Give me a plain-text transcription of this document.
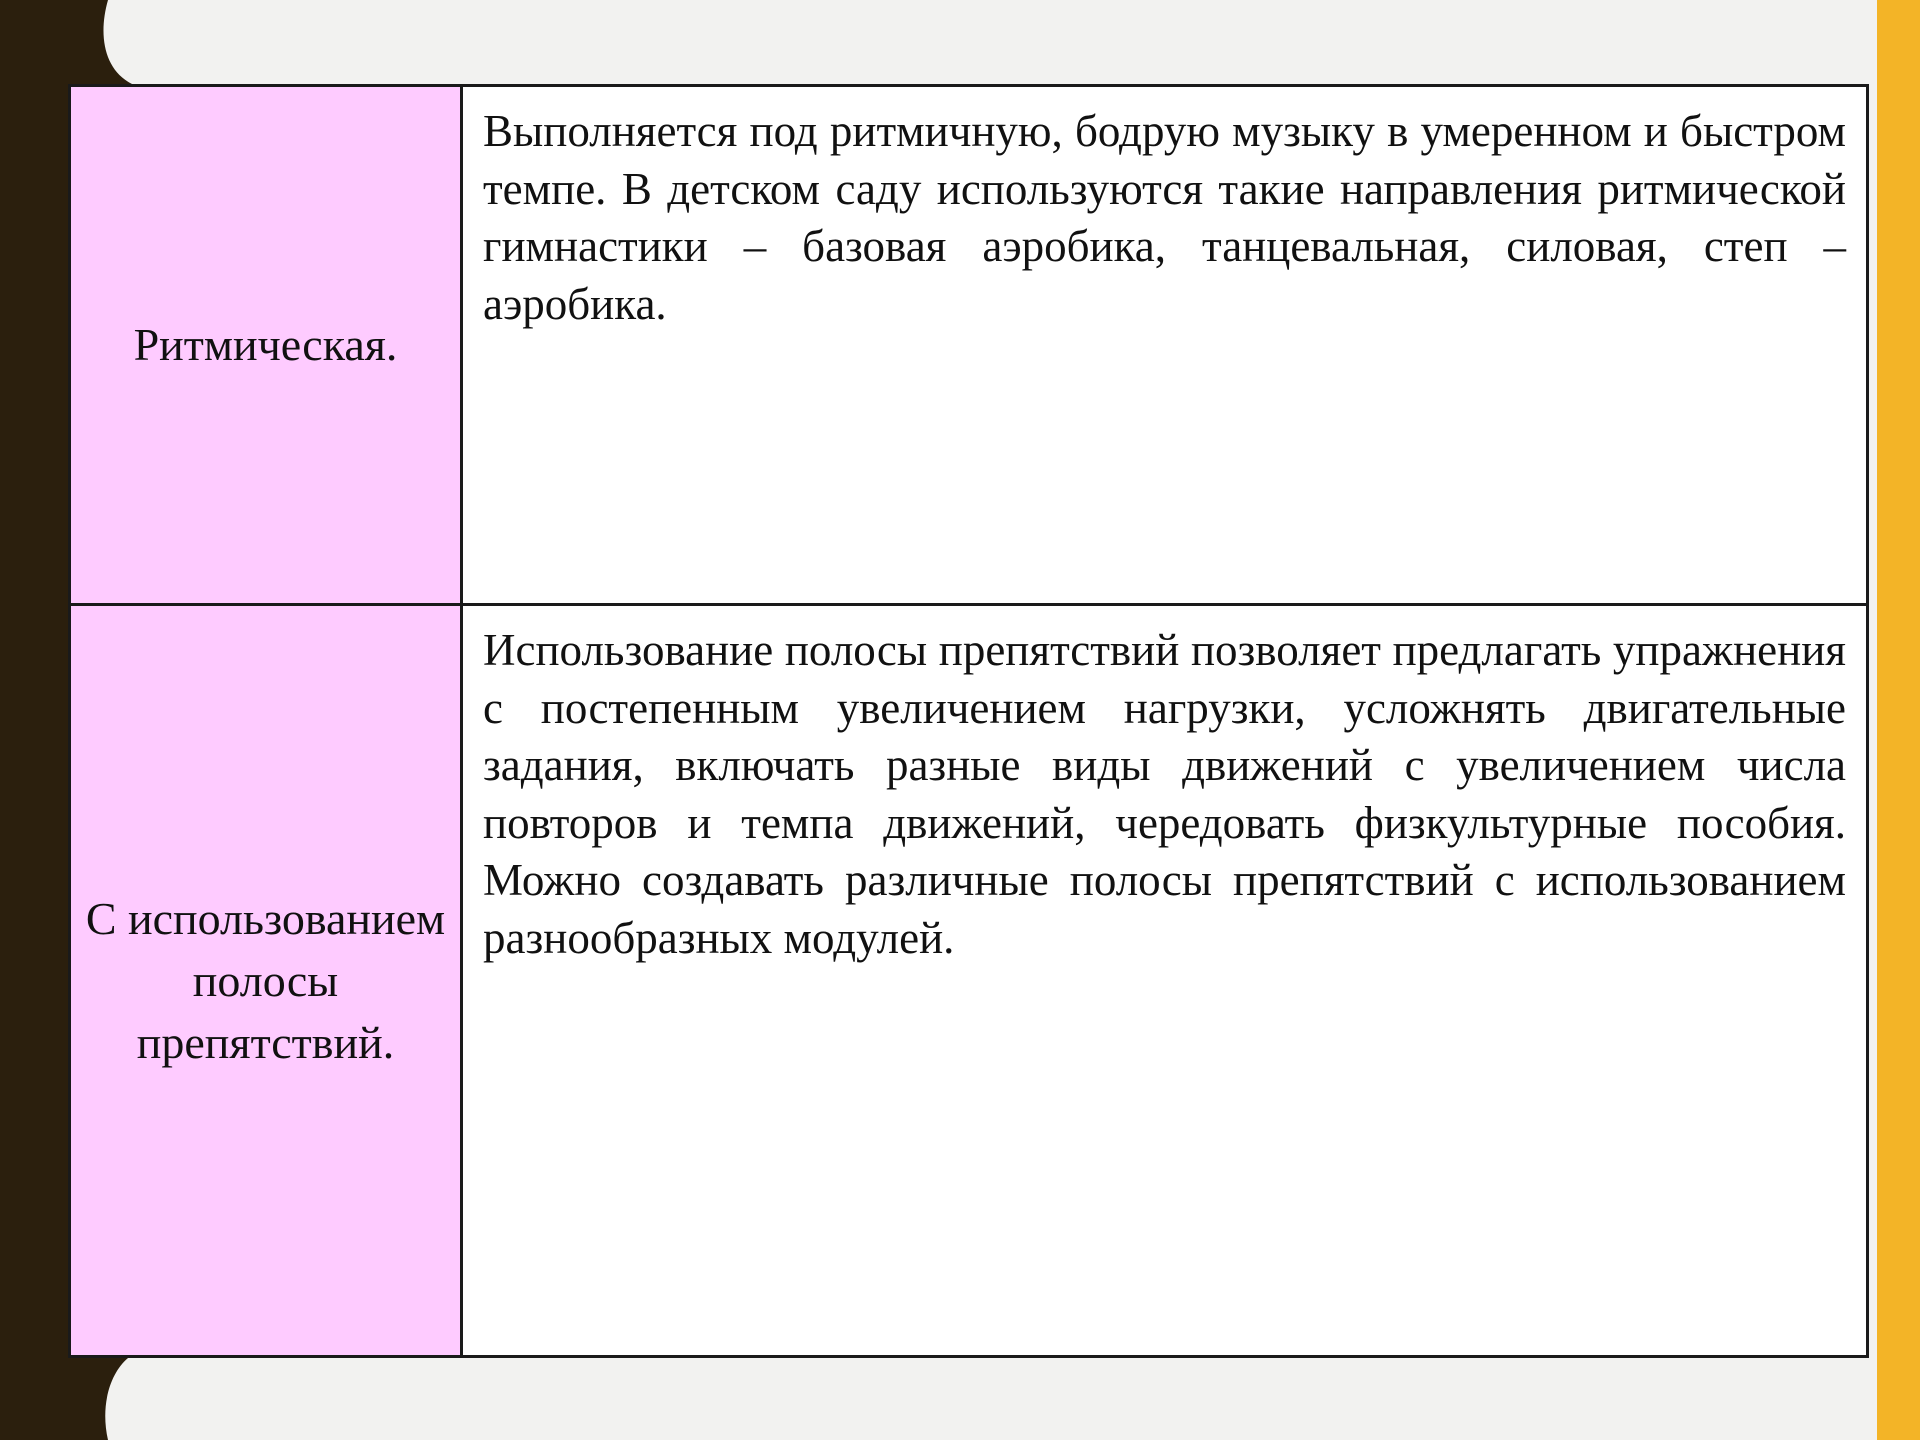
Ритмическая.	Выполняется под ритмичную, бодрую музыку в умеренном и быстром темпе. В детском саду используются такие направления ритмической гимнастики – базовая аэробика, танцевальная, силовая, степ – аэробика.

С использованием полосы препятствий.	Использование полосы препятствий позволяет предлагать упражнения с постепенным увеличением нагрузки, усложнять двигательные задания, включать разные виды движений с увеличением числа повторов и темпа движений, чередовать физкультурные пособия. Можно создавать различные полосы препятствий с использованием разнообразных модулей.
